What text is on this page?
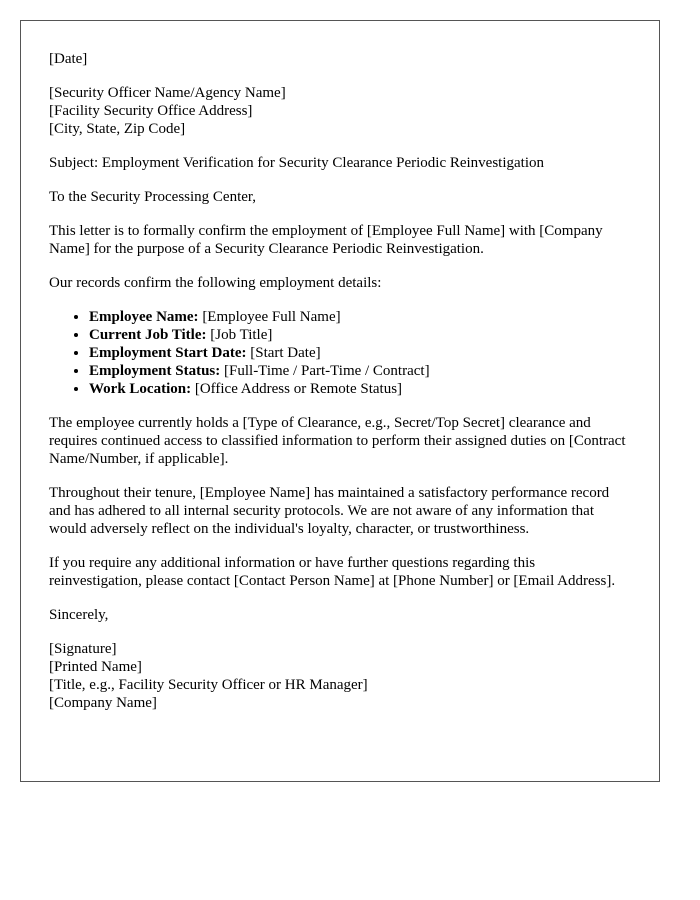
[Date]
[Security Officer Name/Agency Name]
[Facility Security Office Address]
[City, State, Zip Code]

Subject: Employment Verification for Security Clearance Periodic Reinvestigation

To the Security Processing Center,

This letter is to formally confirm the employment of [Employee Full Name] with [Company Name] for the purpose of a Security Clearance Periodic Reinvestigation.

Our records confirm the following employment details:

• Employee Name: [Employee Full Name]
• Current Job Title: [Job Title]
• Employment Start Date: [Start Date]
• Employment Status: [Full-Time / Part-Time / Contract]
• Work Location: [Office Address or Remote Status]

The employee currently holds a [Type of Clearance, e.g., Secret/Top Secret] clearance and requires continued access to classified information to perform their assigned duties on [Contract Name/Number, if applicable].

Throughout their tenure, [Employee Name] has maintained a satisfactory performance record and has adhered to all internal security protocols. We are not aware of any information that would adversely reflect on the individual's loyalty, character, or trustworthiness.

If you require any additional information or have further questions regarding this reinvestigation, please contact [Contact Person Name] at [Phone Number] or [Email Address].

Sincerely,

[Signature]
[Printed Name]
[Title, e.g., Facility Security Officer or HR Manager]
[Company Name]
